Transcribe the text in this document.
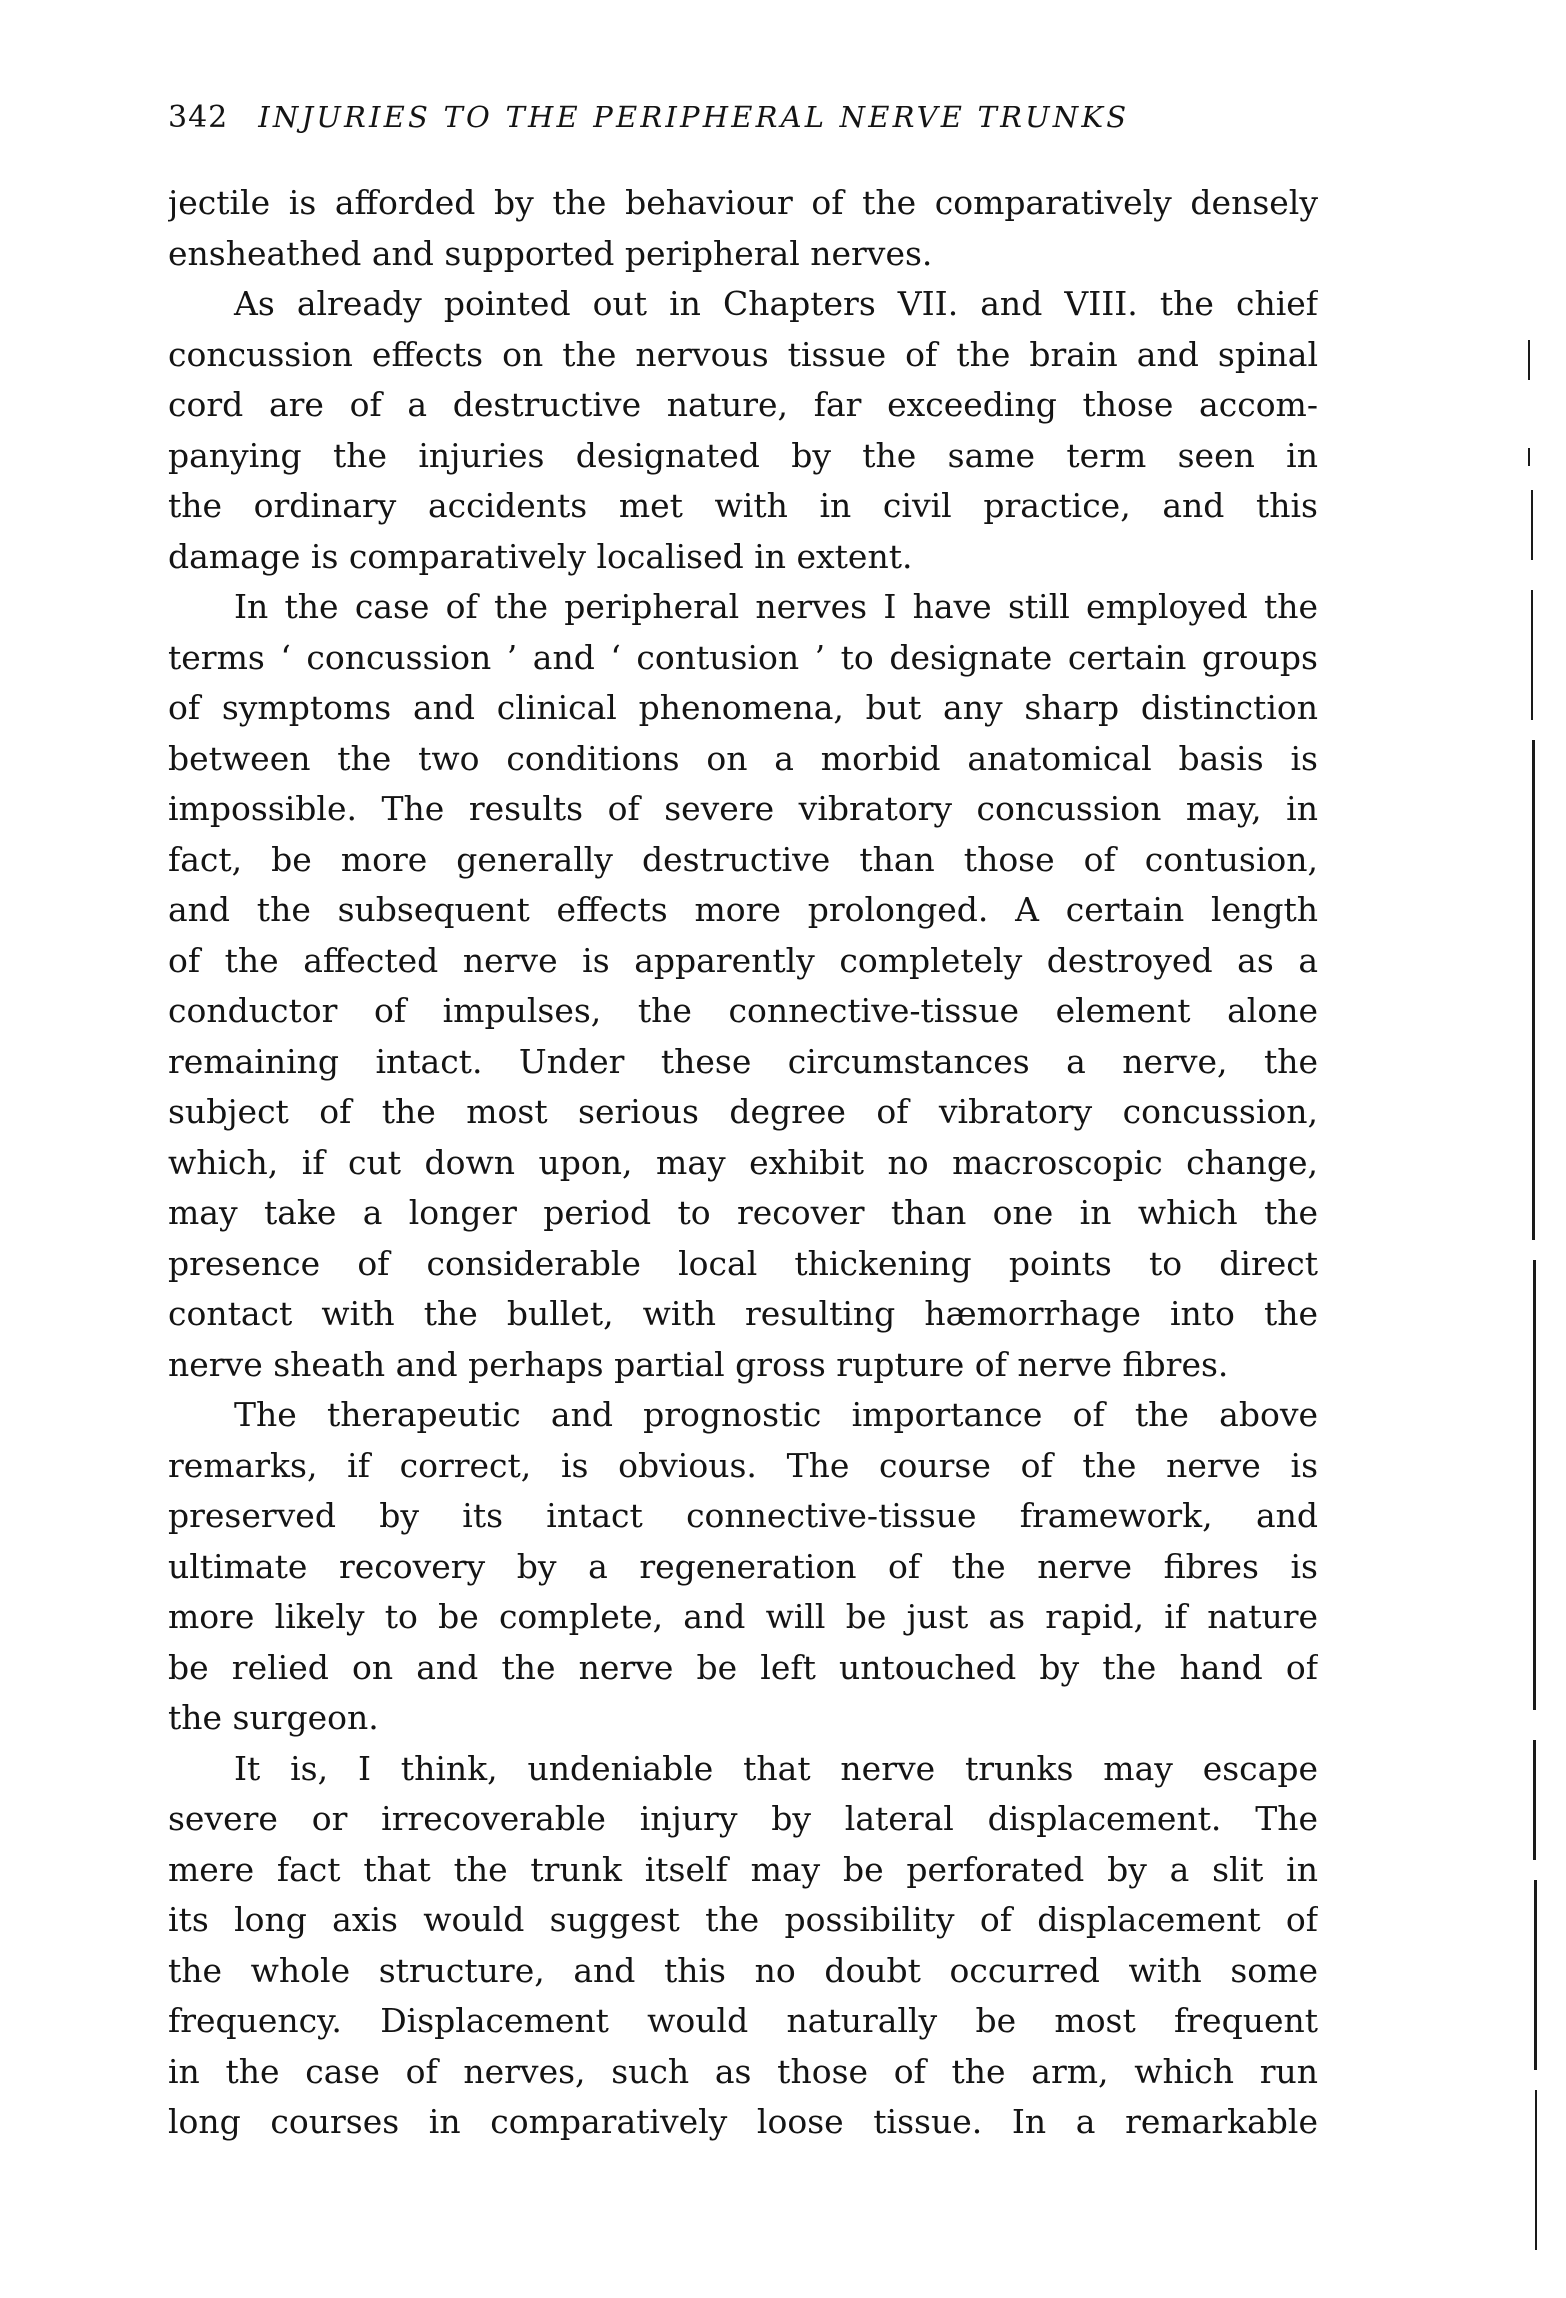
342 INJURIES TO THE PERIPHERAL NERVE TRUNKS
jectile is afforded by the behaviour of the comparatively densely
ensheathed and supported peripheral nerves.
As already pointed out in Chapters VII. and VIII. the chief
concussion effects on the nervous tissue of the brain and spinal
cord are of a destructive nature, far exceeding those accom-
panying the injuries designated by the same term seen in
the ordinary accidents met with in civil practice, and this
damage is comparatively localised in extent.
In the case of the peripheral nerves I have still employed the
terms ‘ concussion ’ and ‘ contusion ’ to designate certain groups
of symptoms and clinical phenomena, but any sharp distinction
between the two conditions on a morbid anatomical basis is
impossible. The results of severe vibratory concussion may, in
fact, be more generally destructive than those of contusion,
and the subsequent effects more prolonged. A certain length
of the affected nerve is apparently completely destroyed as a
conductor of impulses, the connective-tissue element alone
remaining intact. Under these circumstances a nerve, the
subject of the most serious degree of vibratory concussion,
which, if cut down upon, may exhibit no macroscopic change,
may take a longer period to recover than one in which the
presence of considerable local thickening points to direct
contact with the bullet, with resulting hæmorrhage into the
nerve sheath and perhaps partial gross rupture of nerve fibres.
The therapeutic and prognostic importance of the above
remarks, if correct, is obvious. The course of the nerve is
preserved by its intact connective-tissue framework, and
ultimate recovery by a regeneration of the nerve fibres is
more likely to be complete, and will be just as rapid, if nature
be relied on and the nerve be left untouched by the hand of
the surgeon.
It is, I think, undeniable that nerve trunks may escape
severe or irrecoverable injury by lateral displacement. The
mere fact that the trunk itself may be perforated by a slit in
its long axis would suggest the possibility of displacement of
the whole structure, and this no doubt occurred with some
frequency. Displacement would naturally be most frequent
in the case of nerves, such as those of the arm, which run
long courses in comparatively loose tissue. In a remarkable
